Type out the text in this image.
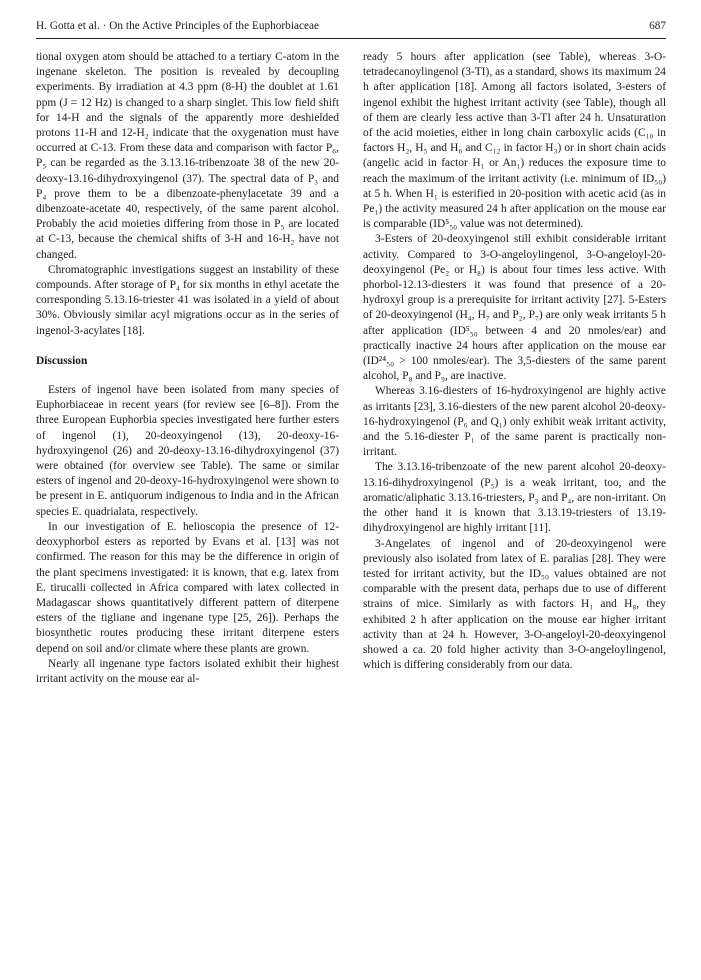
H. Gotta et al. · On the Active Principles of the Euphorbiaceae	687

tional oxygen atom should be attached to a tertiary C-atom in the ingenane skeleton. The position is revealed by decoupling experiments. By irradiation at 4.3 ppm (8-H) the doublet at 1.61 ppm (J = 12 Hz) is changed to a sharp singlet. This low field shift for 14-H and the signals of the apparently more deshielded protons 11-H and 12-H₂ indicate that the oxygenation must have occurred at C-13. From these data and comparison with factor P₆, P₅ can be regarded as the 3.13.16-tribenzoate 38 of the new 20-deoxy-13.16-dihydroxyingenol (37). The spectral data of P₃ and P₄ prove them to be a dibenzoate-phenylacetate 39 and a dibenzoate-acetate 40, respectively, of the same parent alcohol. Probably the acid moieties differing from those in P₅ are located at C-13, because the chemical shifts of 3-H and 16-H₂ have not changed.

Chromatographic investigations suggest an instability of these compounds. After storage of P₄ for six months in ethyl acetate the corresponding 5.13.16-triester 41 was isolated in a yield of about 30%. Obviously similar acyl migrations occur as in the series of ingenol-3-acylates [18].

Discussion

Esters of ingenol have been isolated from many species of Euphorbiaceae in recent years (for review see [6–8]). From the three European Euphorbia species investigated here further esters of ingenol (1), 20-deoxyingenol (13), 20-deoxy-16-hydroxyingenol (26) and 20-deoxy-13.16-dihydroxyingenol (37) were obtained (for overview see Table). The same or similar esters of ingenol and 20-deoxy-16-hydroxyingenol were shown to be present in E. antiquorum indigenous to India and in the African species E. quadrialata, respectively.

In our investigation of E. helioscopia the presence of 12-deoxyphorbol esters as reported by Evans et al. [13] was not confirmed. The reason for this may be the difference in origin of the plant specimens investigated: it is known, that e.g. latex from E. tirucalli collected in Africa compared with latex collected in Madagascar shows quantitatively different pattern of diterpene esters of the tigliane and ingenane type [25, 26]). Perhaps the biosynthetic routes producing these irritant diterpene esters depend on soil and/or climate where these plants are grown.

Nearly all ingenane type factors isolated exhibit their highest irritant activity on the mouse ear al-

ready 5 hours after application (see Table), whereas 3-O-tetradecanoylingenol (3-TI), as a standard, shows its maximum 24 h after application [18]. Among all factors isolated, 3-esters of ingenol exhibit the highest irritant activity (see Table), though all of them are clearly less active than 3-TI after 24 h. Unsaturation of the acid moieties, either in long chain carboxylic acids (C₁₀ in factors H₂, H₅ and H₆ and C₁₂ in factor H₃) or in short chain acids (angelic acid in factor H₁ or An₁) reduces the exposure time to reach the maximum of the irritant activity (i.e. minimum of ID₅₀) at 5 h. When H₁ is esterified in 20-position with acetic acid (as in Pe₁) the activity measured 24 h after application on the mouse ear is comparable (ID⁵₅₀ value was not determined).

3-Esters of 20-deoxyingenol still exhibit considerable irritant activity. Compared to 3-O-angeloylingenol, 3-O-angeloyl-20-deoxyingenol (Pe₂ or H₈) is about four times less active. With phorbol-12.13-diesters it was found that presence of a 20-hydroxyl group is a prerequisite for irritant activity [27]. 5-Esters of 20-deoxyingenol (H₄, H₇ and P₂, P₇) are only weak irritants 5 h after application (ID⁵₅₀ between 4 and 20 nmoles/ear) and practically inactive 24 hours after application on the mouse ear (ID²⁴₅₀ > 100 nmoles/ear). The 3,5-diesters of the same parent alcohol, P₈ and P₉, are inactive.

Whereas 3.16-diesters of 16-hydroxyingenol are highly active as irritants [23], 3.16-diesters of the new parent alcohol 20-deoxy-16-hydroxyingenol (P₆ and Q₁) only exhibit weak irritant activity, and the 5.16-diester P₁ of the same parent is practically non-irritant.

The 3.13.16-tribenzoate of the new parent alcohol 20-deoxy-13.16-dihydroxyingenol (P₅) is a weak irritant, too, and the aromatic/aliphatic 3.13.16-triesters, P₃ and P₄, are non-irritant. On the other hand it is known that 3.13.19-triesters of 13.19-dihydroxyingenol are highly irritant [11].

3-Angelates of ingenol and of 20-deoxyingenol were previously also isolated from latex of E. paralias [28]. They were tested for irritant activity, but the ID₅₀ values obtained are not comparable with the present data, perhaps due to use of different strains of mice. Similarly as with factors H₁ and H₈, they exhibited 2 h after application on the mouse ear higher irritant activity than at 24 h. However, 3-O-angeloyl-20-deoxyingenol showed a ca. 20 fold higher activity than 3-O-angeloylingenol, which is differing considerably from our data.
